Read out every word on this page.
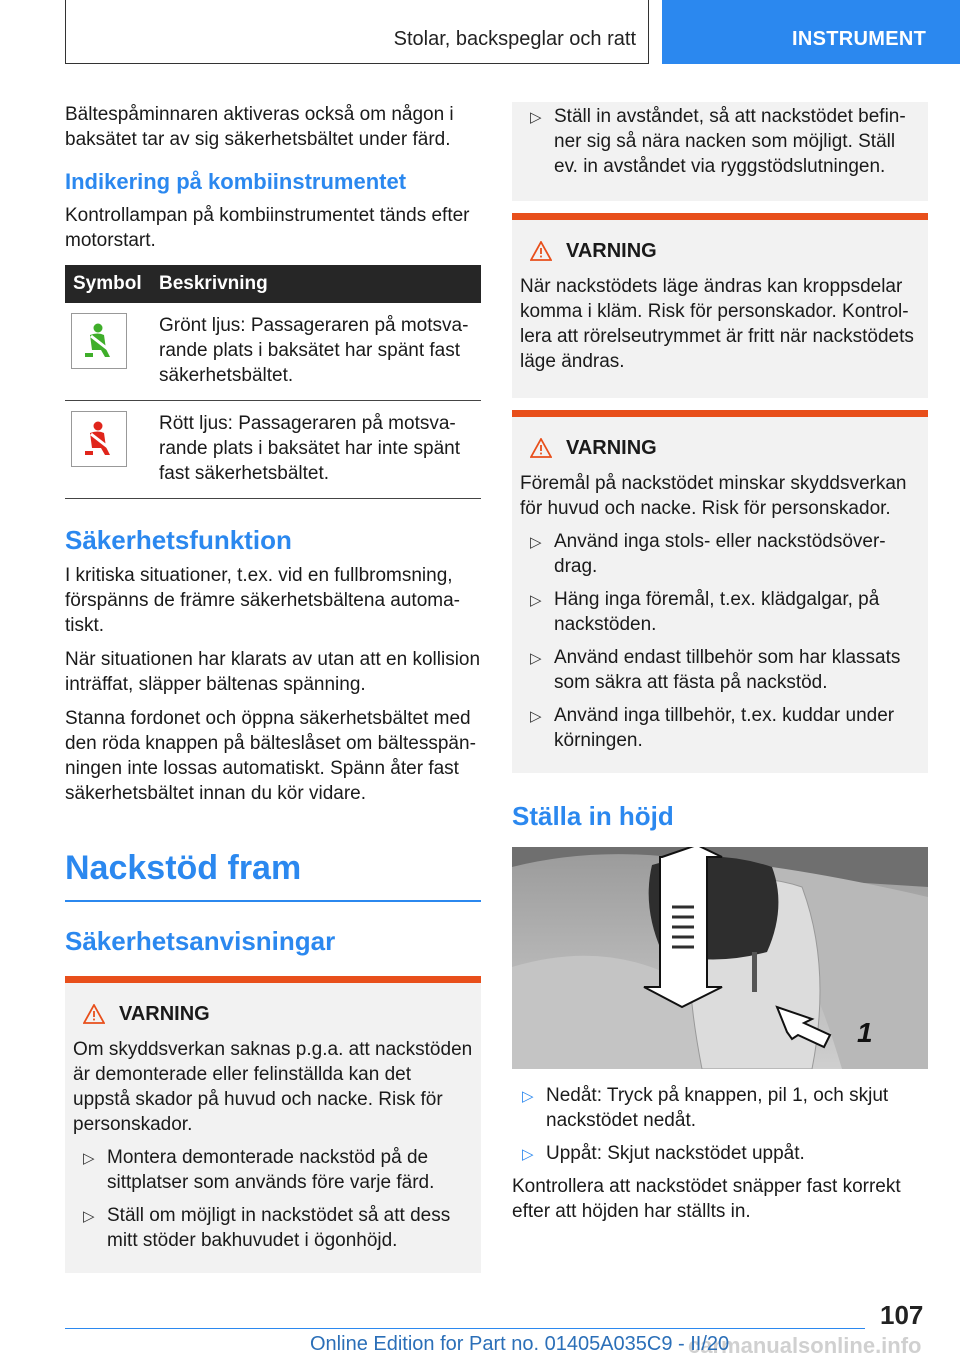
Stolar, backspeglar och ratt	INSTRUMENT

Bältespåminnaren aktiveras också om någon i baksätet tar av sig säkerhetsbältet under färd.

Indikering på kombiinstrumentet

Kontrollampan på kombiinstrumentet tänds efter motorstart.

Symbol	Beskrivning

	Grönt ljus: Passageraren på motsvarande plats i baksätet har spänt fast säkerhetsbältet.

	Rött ljus: Passageraren på motsvarande plats i baksätet har inte spänt fast säkerhetsbältet.
Säkerhetsfunktion

I kritiska situationer, t.ex. vid en fullbromsning, förspänns de främre säkerhetsbältena automatiskt.

När situationen har klarats av utan att en kollision inträffat, släpper bältenas spänning.

Stanna fordonet och öppna säkerhetsbältet med den röda knappen på bälteslåset om bältesspänningen inte lossas automatiskt. Spänn åter fast säkerhetsbältet innan du kör vidare.

Nackstöd fram
Säkerhetsanvisningar
VARNING

Om skyddsverkan saknas p.g.a. att nackstöden är demonterade eller felinställda kan det uppstå skador på huvud och nacke. Risk för personskador.

▷ Montera demonterade nackstöd på de sittplatser som används före varje färd.
▷ Ställ om möjligt in nackstödet så att dess mitt stöder bakhuvudet i ögonhöjd.
▷ Ställ in avståndet, så att nackstödet befinner sig så nära nacken som möjligt. Ställ ev. in avståndet via ryggstödslutningen.
VARNING

När nackstödets läge ändras kan kroppsdelar komma i kläm. Risk för personskador. Kontrollera att rörelseutrymmet är fritt när nackstödets läge ändras.

VARNING

Föremål på nackstödet minskar skyddsverkan för huvud och nacke. Risk för personskador.

▷ Använd inga stols- eller nackstödsöverdrag.
▷ Häng inga föremål, t.ex. klädgalgar, på nackstöden.
▷ Använd endast tillbehör som har klassats som säkra att fästa på nackstöd.
▷ Använd inga tillbehör, t.ex. kuddar under körningen.
Ställa in höjd
1
▷ Nedåt: Tryck på knappen, pil 1, och skjut nackstödet nedåt.
▷ Uppåt: Skjut nackstödet uppåt.

Kontrollera att nackstödet snäpper fast korrekt efter att höjden har ställts in.

107
carmanualsonline.info
Online Edition for Part no. 01405A035C9 - II/20
